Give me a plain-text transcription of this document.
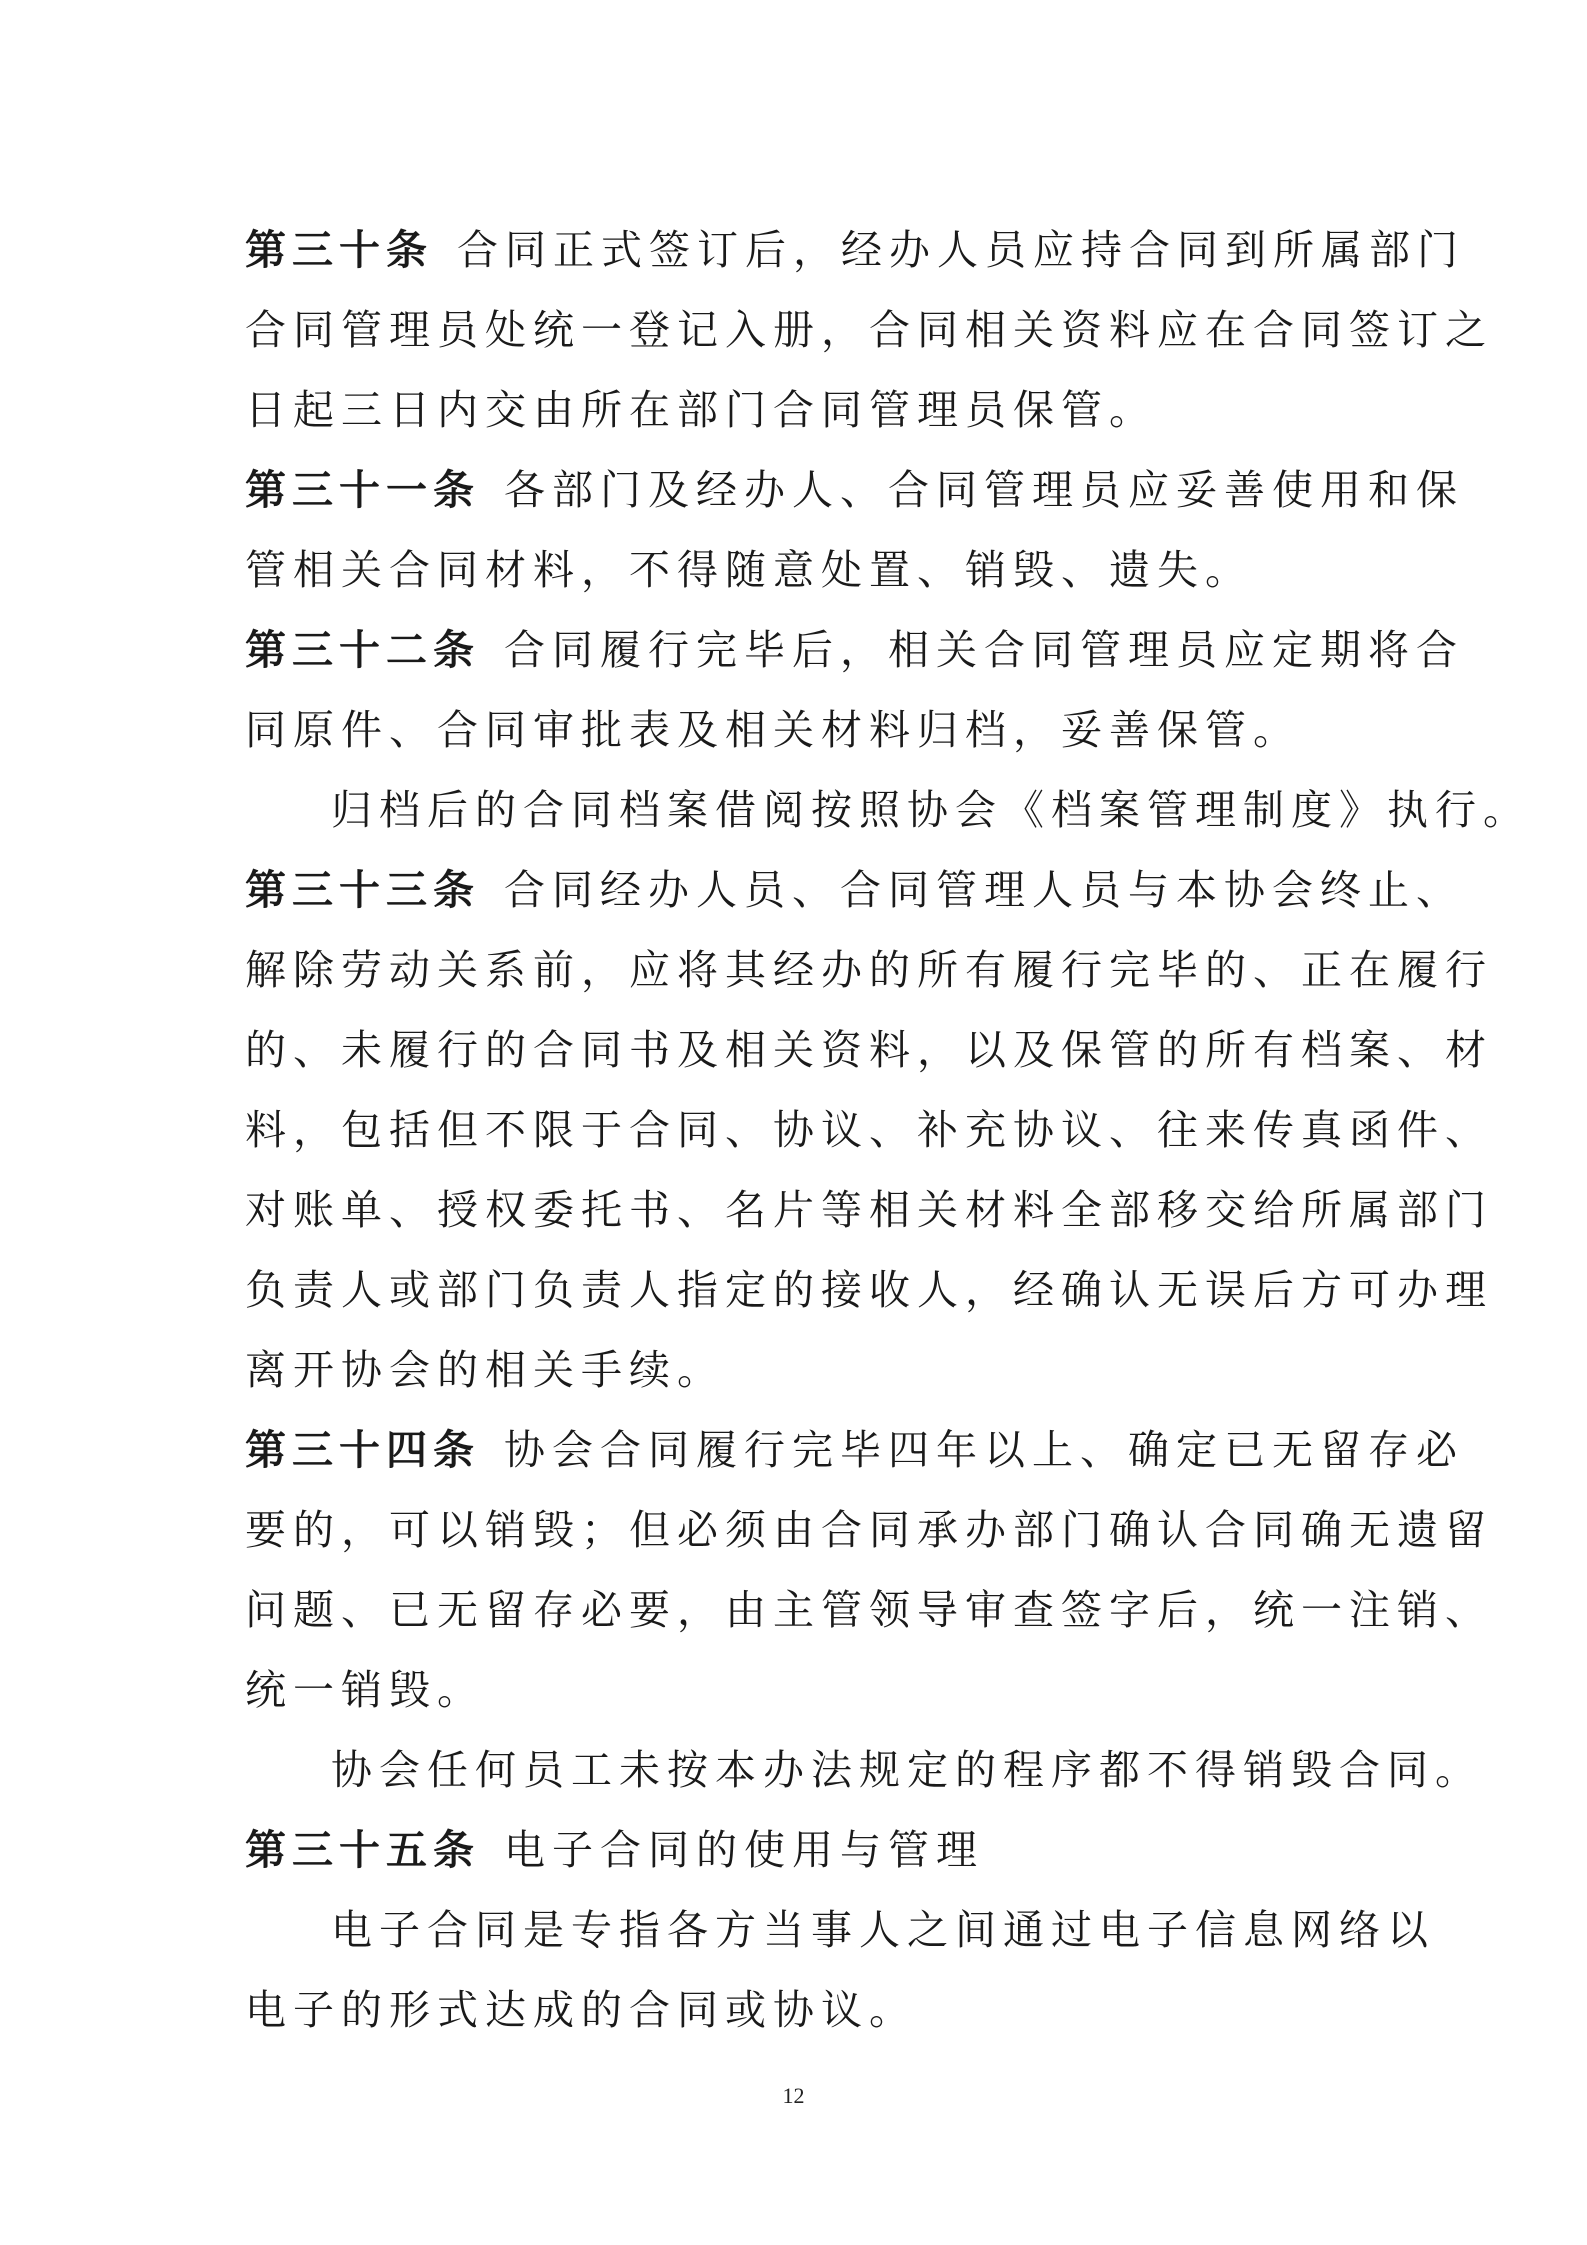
第三十条 合同正式签订后，经办人员应持合同到所属部门
合同管理员处统一登记入册，合同相关资料应在合同签订之
日起三日内交由所在部门合同管理员保管。
第三十一条 各部门及经办人、合同管理员应妥善使用和保
管相关合同材料，不得随意处置、销毁、遗失。
第三十二条 合同履行完毕后，相关合同管理员应定期将合
同原件、合同审批表及相关材料归档，妥善保管。
归档后的合同档案借阅按照协会《档案管理制度》执行。
第三十三条 合同经办人员、合同管理人员与本协会终止、
解除劳动关系前，应将其经办的所有履行完毕的、正在履行
的、未履行的合同书及相关资料，以及保管的所有档案、材
料，包括但不限于合同、协议、补充协议、往来传真函件、
对账单、授权委托书、名片等相关材料全部移交给所属部门
负责人或部门负责人指定的接收人，经确认无误后方可办理
离开协会的相关手续。
第三十四条 协会合同履行完毕四年以上、确定已无留存必
要的，可以销毁；但必须由合同承办部门确认合同确无遗留
问题、已无留存必要，由主管领导审查签字后，统一注销、
统一销毁。
协会任何员工未按本办法规定的程序都不得销毁合同。
第三十五条 电子合同的使用与管理
电子合同是专指各方当事人之间通过电子信息网络以
电子的形式达成的合同或协议。
12
